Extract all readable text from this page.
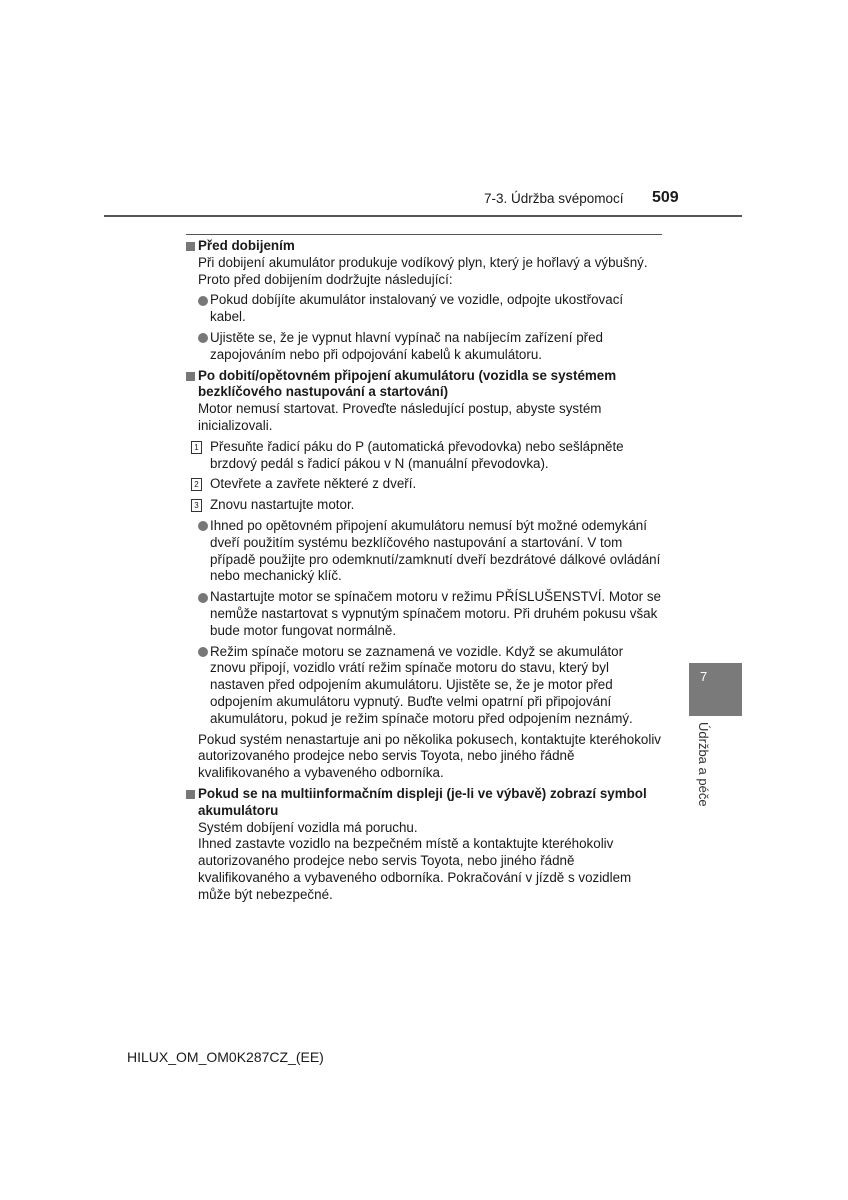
7-3. Údržba svépomocí 509
Před dobijením
Při dobijení akumulátor produkuje vodíkový plyn, který je hořlavý a výbušný. Proto před dobijením dodržujte následující:
Pokud dobíjíte akumulátor instalovaný ve vozidle, odpojte ukostřovací kabel.
Ujistěte se, že je vypnut hlavní vypínač na nabíjecím zařízení před zapojováním nebo při odpojování kabelů k akumulátoru.
Po dobití/opětovném připojení akumulátoru (vozidla se systémem bezklíčového nastupování a startování)
Motor nemusí startovat. Proveďte následující postup, abyste systém inicializovali.
1 Přesuňte řadicí páku do P (automatická převodovka) nebo sešlápněte brzdový pedál s řadicí pákou v N (manuální převodovka).
2 Otevřete a zavřete některé z dveří.
3 Znovu nastartujte motor.
Ihned po opětovném připojení akumulátoru nemusí být možné odemykání dveří použitím systému bezklíčového nastupování a startování. V tom případě použijte pro odemknutí/zamknutí dveří bezdrátové dálkové ovládání nebo mechanický klíč.
Nastartujte motor se spínačem motoru v režimu PŘÍSLUŠENSTVÍ. Motor se nemůže nastartovat s vypnutým spínačem motoru. Při druhém pokusu však bude motor fungovat normálně.
Režim spínače motoru se zaznamená ve vozidle. Když se akumulátor znovu připojí, vozidlo vrátí režim spínače motoru do stavu, který byl nastaven před odpojením akumulátoru. Ujistěte se, že je motor před odpojením akumulátoru vypnutý. Buďte velmi opatrní při připojování akumulátoru, pokud je režim spínače motoru před odpojením neznámý.
Pokud systém nenastartuje ani po několika pokusech, kontaktujte kteréhokoliv autorizovaného prodejce nebo servis Toyota, nebo jiného řádně kvalifikovaného a vybaveného odborníka.
Pokud se na multiinformačním displeji (je-li ve výbavě) zobrazí symbol akumulátoru
Systém dobíjení vozidla má poruchu.
Ihned zastavte vozidlo na bezpečném místě a kontaktujte kteréhokoliv autorizovaného prodejce nebo servis Toyota, nebo jiného řádně kvalifikovaného a vybaveného odborníka. Pokračování v jízdě s vozidlem může být nebezpečné.
7
Údržba a péče
HILUX_OM_OM0K287CZ_(EE)
